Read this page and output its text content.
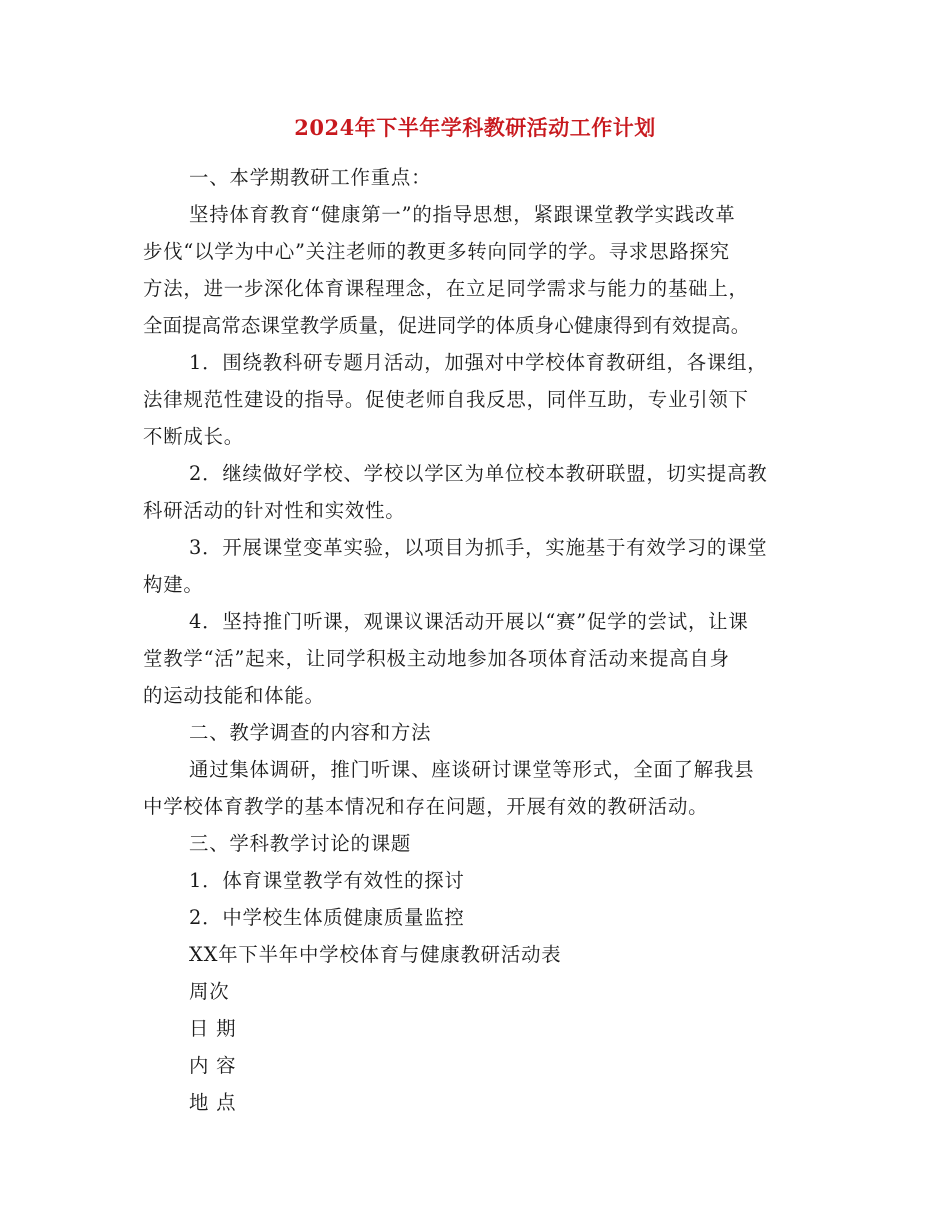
2024年下半年学科教研活动工作计划
一、本学期教研工作重点：
坚持体育教育“健康第一”的指导思想，紧跟课堂教学实践改革
步伐“以学为中心”关注老师的教更多转向同学的学。寻求思路探究
方法，进一步深化体育课程理念，在立足同学需求与能力的基础上，
全面提高常态课堂教学质量，促进同学的体质身心健康得到有效提高。
1．围绕教科研专题月活动，加强对中学校体育教研组，各课组，
法律规范性建设的指导。促使老师自我反思，同伴互助，专业引领下
不断成长。
2．继续做好学校、学校以学区为单位校本教研联盟，切实提高教
科研活动的针对性和实效性。
3．开展课堂变革实验，以项目为抓手，实施基于有效学习的课堂
构建。
4．坚持推门听课，观课议课活动开展以“赛”促学的尝试，让课
堂教学“活”起来，让同学积极主动地参加各项体育活动来提高自身
的运动技能和体能。
二、教学调查的内容和方法
通过集体调研，推门听课、座谈研讨课堂等形式，全面了解我县
中学校体育教学的基本情况和存在问题，开展有效的教研活动。
三、学科教学讨论的课题
1．体育课堂教学有效性的探讨
2．中学校生体质健康质量监控
XX年下半年中学校体育与健康教研活动表
周次
日 期
内 容
地 点
